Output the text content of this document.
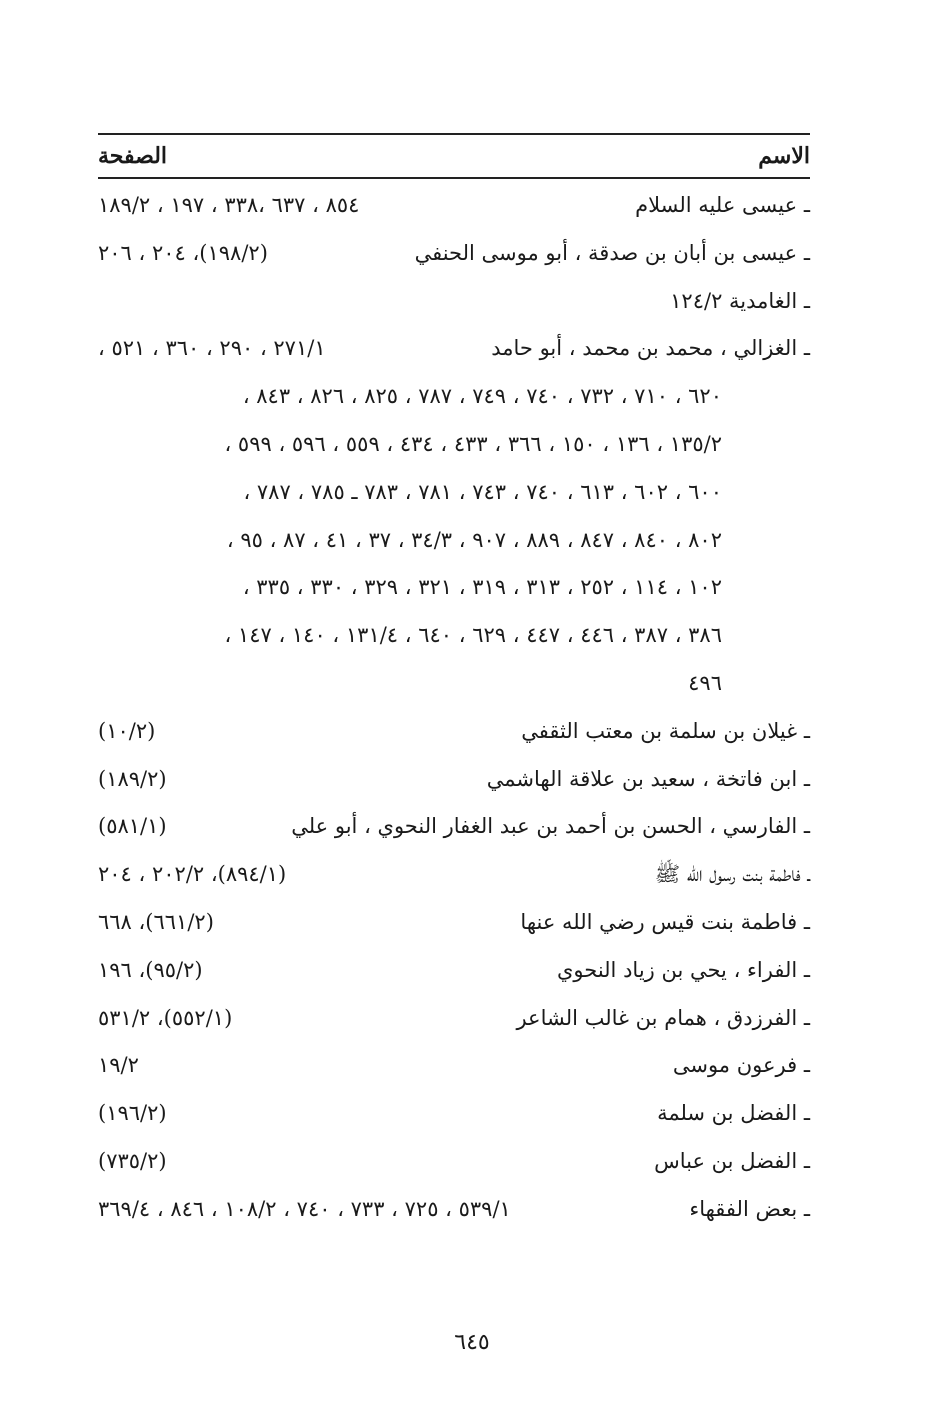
الاسم
الصفحة
ـ عيسى عليه السلام
٨٥٤ ، ٦٣٧ ،٣٣٨ ، ١٩٧ ، ١٨٩/٢
ـ عيسى بن أبان بن صدقة ، أبو موسى الحنفي
(١٩٨/٢)، ٢٠٤ ، ٢٠٦
ـ الغامدية ١٢٤/٢
ـ الغزالي ، محمد بن محمد ، أبو حامد
٢٧١/١ ، ٢٩٠ ، ٣٦٠ ، ٥٢١ ،
٦٢٠ ، ٧١٠ ، ٧٣٢ ، ٧٤٠ ، ٧٤٩ ، ٧٨٧ ، ٨٢٥ ، ٨٢٦ ، ٨٤٣ ،
١٣٥/٢ ، ١٣٦ ، ١٥٠ ، ٣٦٦ ، ٤٣٣ ، ٤٣٤ ، ٥٥٩ ، ٥٩٦ ، ٥٩٩ ،
٦٠٠ ، ٦٠٢ ، ٦١٣ ، ٧٤٠ ، ٧٤٣ ، ٧٨١ ، ٧٨٣ ـ ٧٨٥ ، ٧٨٧ ،
٨٠٢ ، ٨٤٠ ، ٨٤٧ ، ٨٨٩ ، ٩٠٧ ، ٣٤/٣ ، ٣٧ ، ٤١ ، ٨٧ ، ٩٥ ،
١٠٢ ، ١١٤ ، ٢٥٢ ، ٣١٣ ، ٣١٩ ، ٣٢١ ، ٣٢٩ ، ٣٣٠ ، ٣٣٥ ،
٣٨٦ ، ٣٨٧ ، ٤٤٦ ، ٤٤٧ ، ٦٢٩ ، ٦٤٠ ، ١٣١/٤ ، ١٤٠ ، ١٤٧ ،
٤٩٦
ـ غيلان بن سلمة بن معتب الثقفي
(١٠/٢)
ـ ابن فاتخة ، سعيد بن علاقة الهاشمي
(١٨٩/٢)
ـ الفارسي ، الحسن بن أحمد بن عبد الغفار النحوي ، أبو علي
(٥٨١/١)
ـ فاطمة بنت رسول الله ﷺ
(٨٩٤/١)، ٢٠٢/٢ ، ٢٠٤
ـ فاطمة بنت قيس رضي الله عنها
(٦٦١/٢)، ٦٦٨
ـ الفراء ، يحي بن زياد النحوي
(٩٥/٢)، ١٩٦
ـ الفرزدق ، همام بن غالب الشاعر
(٥٥٢/١)، ٥٣١/٢
ـ فرعون موسى
١٩/٢
ـ الفضل بن سلمة
(١٩٦/٢)
ـ الفضل بن عباس
(٧٣٥/٢)
ـ بعض الفقهاء
٥٣٩/١ ، ٧٢٥ ، ٧٣٣ ، ٧٤٠ ، ١٠٨/٢ ، ٨٤٦ ، ٣٦٩/٤
٦٤٥
